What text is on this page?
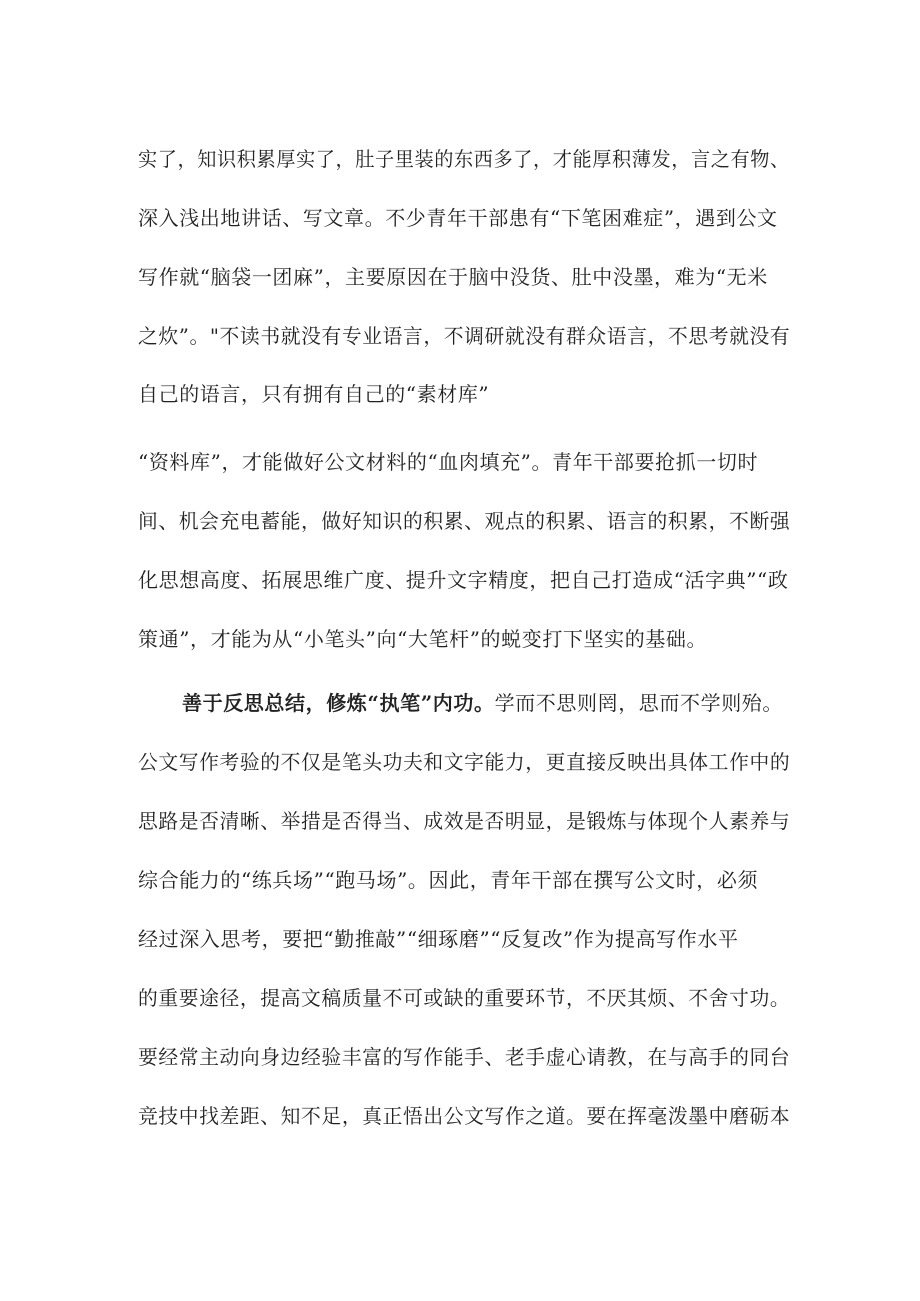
实了，知识积累厚实了，肚子里装的东西多了，才能厚积薄发，言之有物、

深入浅出地讲话、写文章。不少青年干部患有“下笔困难症”，遇到公文

写作就“脑袋一团麻”，主要原因在于脑中没货、肚中没墨，难为“无米

之炊”。"不读书就没有专业语言，不调研就没有群众语言，不思考就没有

自己的语言，只有拥有自己的“素材库”

“资料库”，才能做好公文材料的“血肉填充”。青年干部要抢抓一切时

间、机会充电蓄能，做好知识的积累、观点的积累、语言的积累，不断强

化思想高度、拓展思维广度、提升文字精度，把自己打造成“活字典”“政

策通”，才能为从“小笔头”向“大笔杆”的蜕变打下坚实的基础。

善于反思总结，修炼“执笔”内功。学而不思则罔，思而不学则殆。

公文写作考验的不仅是笔头功夫和文字能力，更直接反映出具体工作中的

思路是否清晰、举措是否得当、成效是否明显，是锻炼与体现个人素养与

综合能力的“练兵场”“跑马场”。因此，青年干部在撰写公文时，必须

经过深入思考，要把“勤推敲”“细琢磨”“反复改”作为提高写作水平

的重要途径，提高文稿质量不可或缺的重要环节，不厌其烦、不舍寸功。

要经常主动向身边经验丰富的写作能手、老手虚心请教，在与高手的同台

竞技中找差距、知不足，真正悟出公文写作之道。要在挥毫泼墨中磨砺本
